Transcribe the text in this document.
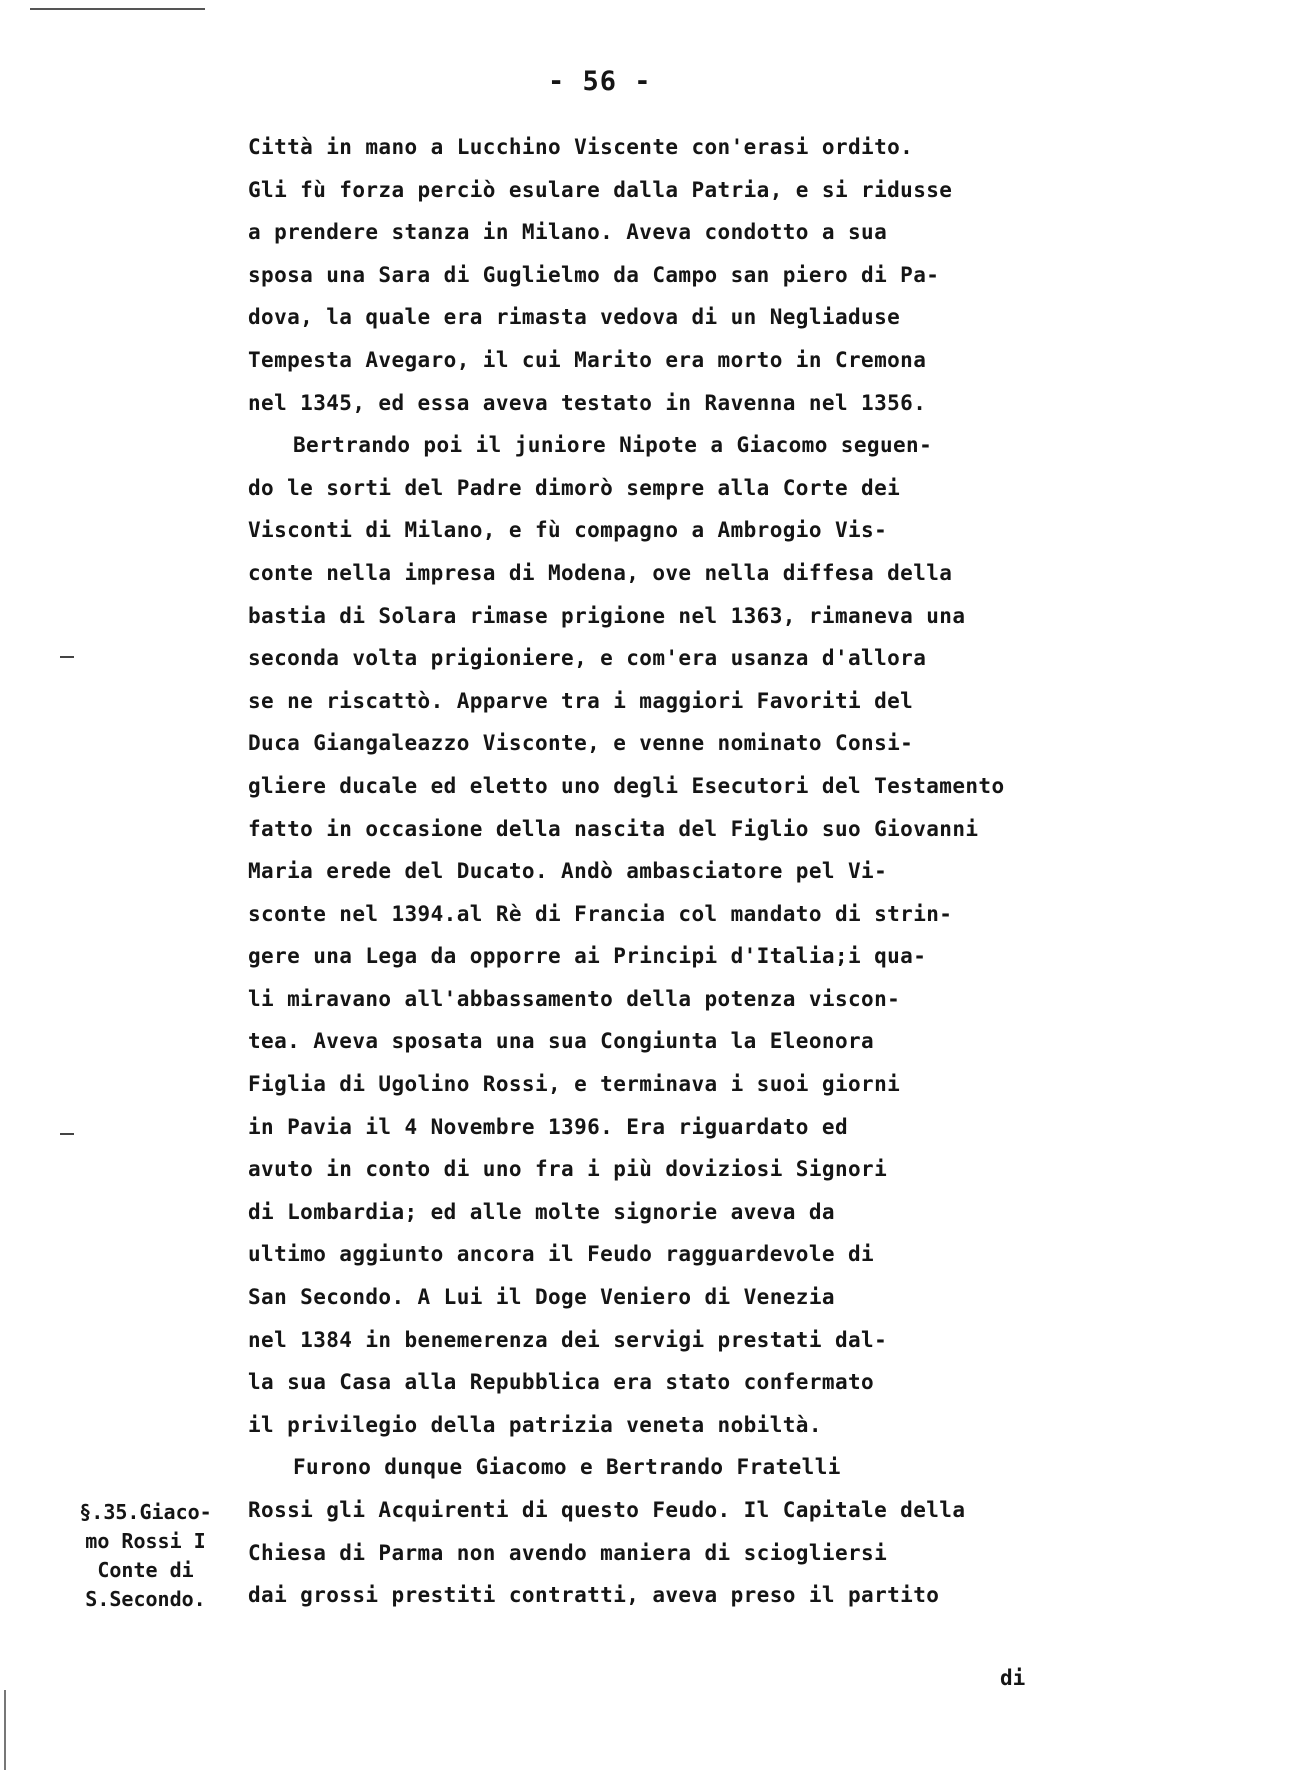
- 56 -
Città in mano a Lucchino Viscente con'erasi ordito.
Gli fù forza perciò esulare dalla Patria, e si ridusse
a prendere stanza in Milano. Aveva condotto a sua
sposa una Sara di Guglielmo da Campo san piero di Pa-
dova, la quale era rimasta vedova di un Negliaduse
Tempesta Avegaro, il cui Marito era morto in Cremona
nel 1345, ed essa aveva testato in Ravenna nel 1356.
Bertrando poi il juniore Nipote a Giacomo seguen-
do le sorti del Padre dimorò sempre alla Corte dei
Visconti di Milano, e fù compagno a Ambrogio Vis-
conte nella impresa di Modena, ove nella diffesa della
bastia di Solara rimase prigione nel 1363, rimaneva una
seconda volta prigioniere, e com'era usanza d'allora
se ne riscattò. Apparve tra i maggiori Favoriti del
Duca Giangaleazzo Visconte, e venne nominato Consi-
gliere ducale ed eletto uno degli Esecutori del Testamento
fatto in occasione della nascita del Figlio suo Giovanni
Maria erede del Ducato. Andò ambasciatore pel Vi-
sconte nel 1394.al Rè di Francia col mandato di strin-
gere una Lega da opporre ai Principi d'Italia;i qua-
li miravano all'abbassamento della potenza viscon-
tea. Aveva sposata una sua Congiunta la Eleonora
Figlia di Ugolino Rossi, e terminava i suoi giorni
in Pavia il 4 Novembre 1396. Era riguardato ed
avuto in conto di uno fra i più doviziosi Signori
di Lombardia; ed alle molte signorie aveva da
ultimo aggiunto ancora il Feudo ragguardevole di
San Secondo. A Lui il Doge Veniero di Venezia
nel 1384 in benemerenza dei servigi prestati dal-
la sua Casa alla Repubblica era stato confermato
il privilegio della patrizia veneta nobiltà.
Furono dunque Giacomo e Bertrando Fratelli
Rossi gli Acquirenti di questo Feudo. Il Capitale della
Chiesa di Parma non avendo maniera di sciogliersi
dai grossi prestiti contratti, aveva preso il partito
§.35.Giaco-
mo Rossi I
Conte di
S.Secondo.
di
